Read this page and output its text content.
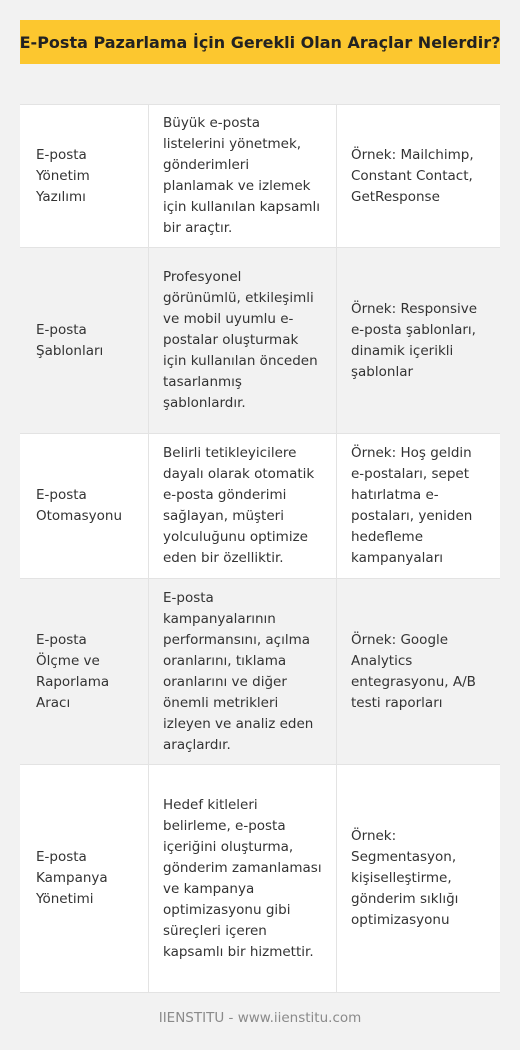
E-Posta Pazarlama İçin Gerekli Olan Araçlar Nelerdir?
E-posta Yönetim Yazılımı
Büyük e-posta listelerini yönetmek, gönderimleri planlamak ve izlemek için kullanılan kapsamlı bir araçtır.
Örnek: Mailchimp, Constant Contact, GetResponse
E-posta Şablonları
Profesyonel görünümlü, etkileşimli ve mobil uyumlu e-postalar oluşturmak için kullanılan önceden tasarlanmış şablonlardır.
Örnek: Responsive e-posta şablonları, dinamik içerikli şablonlar
E-posta Otomasyonu
Belirli tetikleyicilere dayalı olarak otomatik e-posta gönderimi sağlayan, müşteri yolculuğunu optimize eden bir özelliktir.
Örnek: Hoş geldin e-postaları, sepet hatırlatma e-postaları, yeniden hedefleme kampanyaları
E-posta Ölçme ve Raporlama Aracı
E-posta kampanyalarının performansını, açılma oranlarını, tıklama oranlarını ve diğer önemli metrikleri izleyen ve analiz eden araçlardır.
Örnek: Google Analytics entegrasyonu, A/B testi raporları
E-posta Kampanya Yönetimi
Hedef kitleleri belirleme, e-posta içeriğini oluşturma, gönderim zamanlaması ve kampanya optimizasyonu gibi süreçleri içeren kapsamlı bir hizmettir.
Örnek: Segmentasyon, kişiselleştirme, gönderim sıklığı optimizasyonu
IIENSTITU - www.iienstitu.com
